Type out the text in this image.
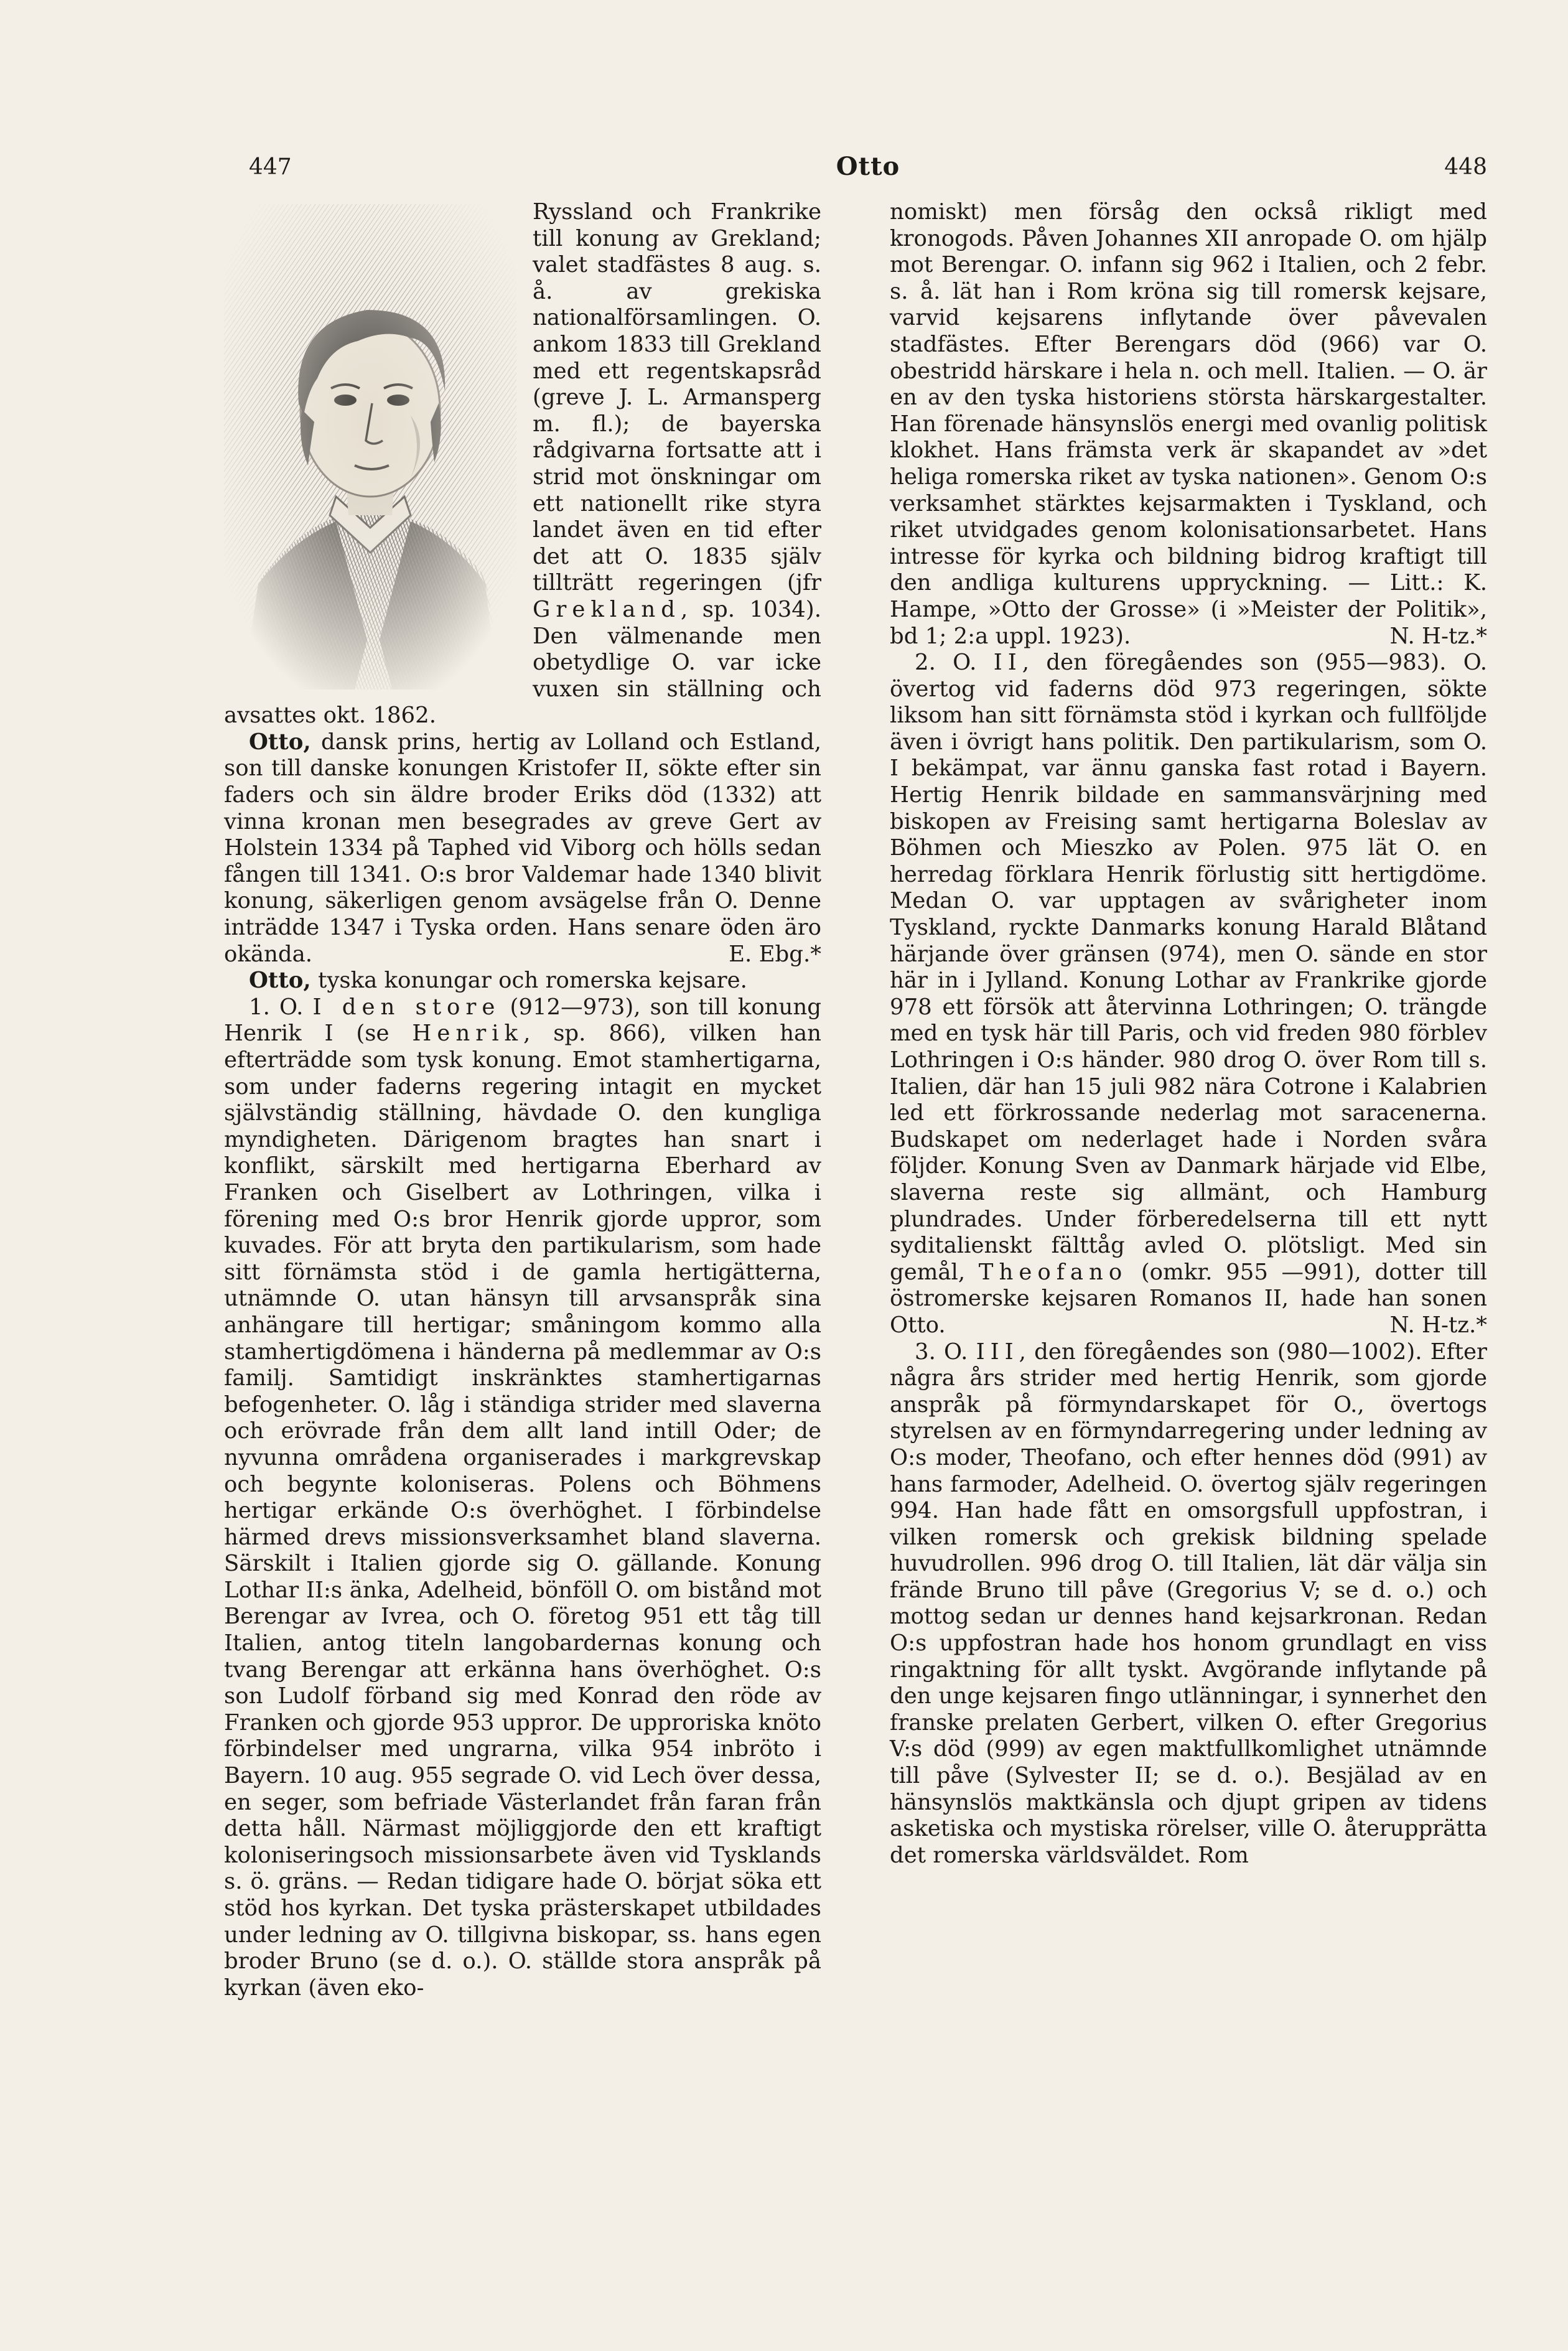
447	Otto	448

Ryssland och Frankrike till konung av Grekland; valet stadfästes 8 aug. s. å. av grekiska nationalförsamlingen. O. ankom 1833 till Grekland med ett regentskapsråd (greve J. L. Armansperg m. fl.); de bayerska rådgivarna fortsatte att i strid mot önskningar om ett nationellt rike styra landet även en tid efter det att O. 1835 själv tillträtt regeringen (jfr Grekland, sp. 1034). Den välmenande men obetydlige O. var icke vuxen sin ställning och avsattes okt. 1862.

Otto, dansk prins, hertig av Lolland och Estland, son till danske konungen Kristofer II, sökte efter sin faders och sin äldre broder Eriks död (1332) att vinna kronan men besegrades av greve Gert av Holstein 1334 på Taphed vid Viborg och hölls sedan fången till 1341. O:s bror Valdemar hade 1340 blivit konung, säkerligen genom avsägelse från O. Denne inträdde 1347 i Tyska orden. Hans senare öden äro okända.	E. Ebg.*

Otto, tyska konungar och romerska kejsare.

1. O. I den store (912—973), son till konung Henrik I (se Henrik, sp. 866), vilken han efterträdde som tysk konung. Emot stamhertigarna, som under faderns regering intagit en mycket självständig ställning, hävdade O. den kungliga myndigheten. Därigenom bragtes han snart i konflikt, särskilt med hertigarna Eberhard av Franken och Giselbert av Lothringen, vilka i förening med O:s bror Henrik gjorde uppror, som kuvades. För att bryta den partikularism, som hade sitt förnämsta stöd i de gamla hertigätterna, utnämnde O. utan hänsyn till arvsanspråk sina anhängare till hertigar; småningom kommo alla stamhertigdömena i händerna på medlemmar av O:s familj. Samtidigt inskränktes stamhertigarnas befogenheter. O. låg i ständiga strider med slaverna och erövrade från dem allt land intill Oder; de nyvunna områdena organiserades i markgrevskap och begynte koloniseras. Polens och Böhmens hertigar erkände O:s överhöghet. I förbindelse härmed drevs missionsverksamhet bland slaverna. Särskilt i Italien gjorde sig O. gällande. Konung Lothar II:s änka, Adelheid, bönföll O. om bistånd mot Berengar av Ivrea, och O. företog 951 ett tåg till Italien, antog titeln langobardernas konung och tvang Berengar att erkänna hans överhöghet. O:s son Ludolf förband sig med Konrad den röde av Franken och gjorde 953 uppror. De upproriska knöto förbindelser med ungrarna, vilka 954 inbröto i Bayern. 10 aug. 955 segrade O. vid Lech över dessa, en seger, som befriade Västerlandet från faran från detta håll. Närmast möjliggjorde den ett kraftigt koloniseringsoch missionsarbete även vid Tysklands s. ö. gräns. — Redan tidigare hade O. börjat söka ett stöd hos kyrkan. Det tyska prästerskapet utbildades under ledning av O. tillgivna biskopar, ss. hans egen broder Bruno (se d. o.). O. ställde stora anspråk på kyrkan (även eko-

nomiskt) men försåg den också rikligt med kronogods. Påven Johannes XII anropade O. om hjälp mot Berengar. O. infann sig 962 i Italien, och 2 febr. s. å. lät han i Rom kröna sig till romersk kejsare, varvid kejsarens inflytande över påvevalen stadfästes. Efter Berengars död (966) var O. obestridd härskare i hela n. och mell. Italien. — O. är en av den tyska historiens största härskargestalter. Han förenade hänsynslös energi med ovanlig politisk klokhet. Hans främsta verk är skapandet av »det heliga romerska riket av tyska nationen». Genom O:s verksamhet stärktes kejsarmakten i Tyskland, och riket utvidgades genom kolonisationsarbetet. Hans intresse för kyrka och bildning bidrog kraftigt till den andliga kulturens uppryckning. — Litt.: K. Hampe, »Otto der Grosse» (i »Meister der Politik», bd 1; 2:a uppl. 1923).	N. H-tz.*

2. O. II, den föregåendes son (955—983). O. övertog vid faderns död 973 regeringen, sökte liksom han sitt förnämsta stöd i kyrkan och fullföljde även i övrigt hans politik. Den partikularism, som O. I bekämpat, var ännu ganska fast rotad i Bayern. Hertig Henrik bildade en sammansvärjning med biskopen av Freising samt hertigarna Boleslav av Böhmen och Mieszko av Polen. 975 lät O. en herredag förklara Henrik förlustig sitt hertigdöme. Medan O. var upptagen av svårigheter inom Tyskland, ryckte Danmarks konung Harald Blåtand härjande över gränsen (974), men O. sände en stor här in i Jylland. Konung Lothar av Frankrike gjorde 978 ett försök att återvinna Lothringen; O. trängde med en tysk här till Paris, och vid freden 980 förblev Lothringen i O:s händer. 980 drog O. över Rom till s. Italien, där han 15 juli 982 nära Cotrone i Kalabrien led ett förkrossande nederlag mot saracenerna. Budskapet om nederlaget hade i Norden svåra följder. Konung Sven av Danmark härjade vid Elbe, slaverna reste sig allmänt, och Hamburg plundrades. Under förberedelserna till ett nytt syditalienskt fälttåg avled O. plötsligt. Med sin gemål, Theofano (omkr. 955 —991), dotter till östromerske kejsaren Romanos II, hade han sonen Otto.	N. H-tz.*

3. O. III, den föregåendes son (980—1002). Efter några års strider med hertig Henrik, som gjorde anspråk på förmyndarskapet för O., övertogs styrelsen av en förmyndarregering under ledning av O:s moder, Theofano, och efter hennes död (991) av hans farmoder, Adelheid. O. övertog själv regeringen 994. Han hade fått en omsorgsfull uppfostran, i vilken romersk och grekisk bildning spelade huvudrollen. 996 drog O. till Italien, lät där välja sin frände Bruno till påve (Gregorius V; se d. o.) och mottog sedan ur dennes hand kejsarkronan. Redan O:s uppfostran hade hos honom grundlagt en viss ringaktning för allt tyskt. Avgörande inflytande på den unge kejsaren fingo utlänningar, i synnerhet den franske prelaten Gerbert, vilken O. efter Gregorius V:s död (999) av egen maktfullkomlighet utnämnde till påve (Sylvester II; se d. o.). Besjälad av en hänsynslös maktkänsla och djupt gripen av tidens asketiska och mystiska rörelser, ville O. återupprätta det romerska världsväldet. Rom
